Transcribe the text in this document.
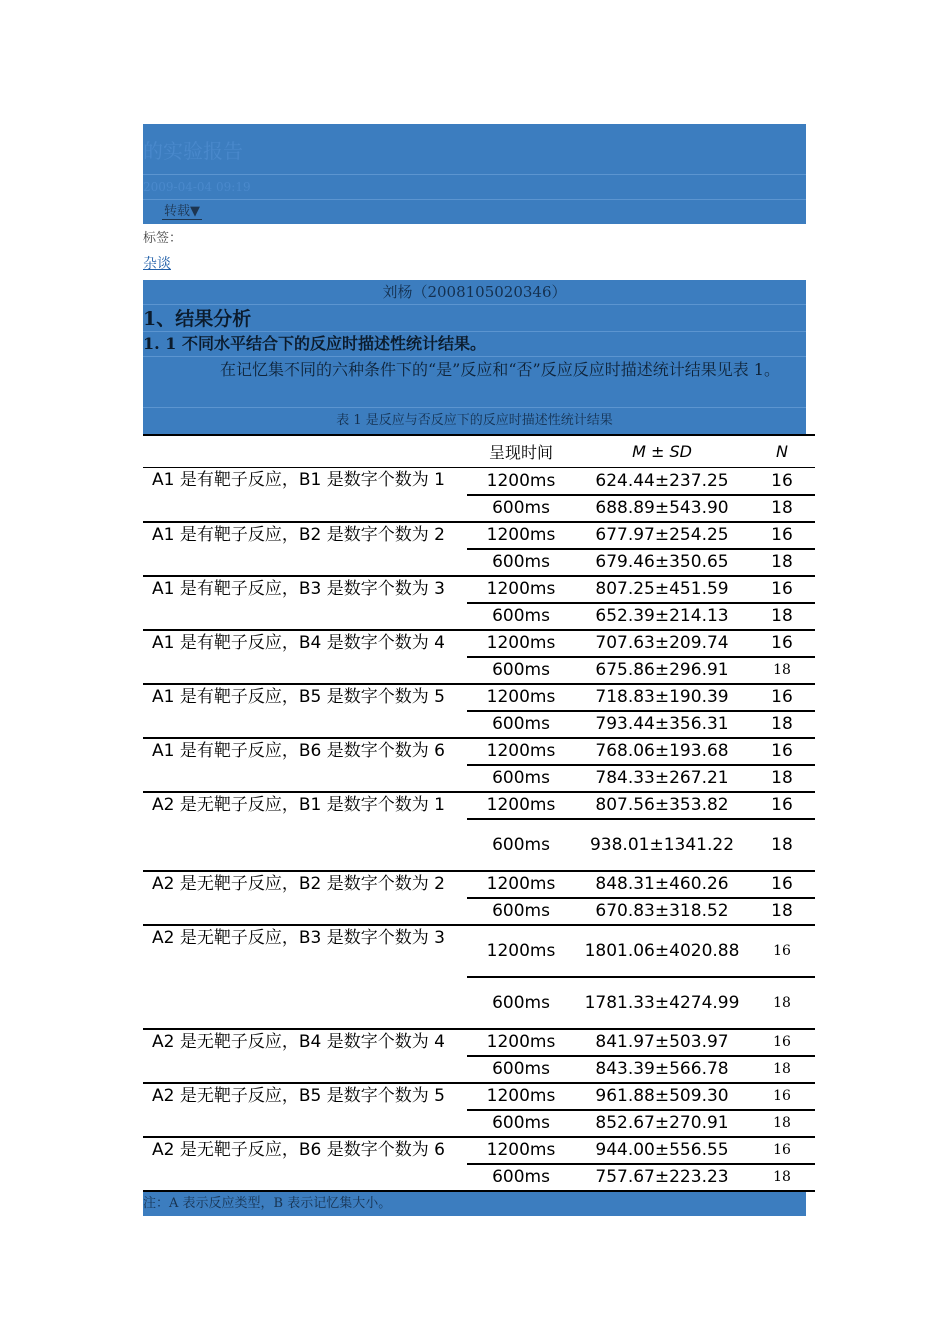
的实验报告
2009-04-04 09:19
转载▼
标签：
杂谈
刘杨（2008105020346）
1、结果分析
1. 1 不同水平结合下的反应时描述性统计结果。
在记忆集不同的六种条件下的“是”反应和“否”反应反应时描述统计结果见表 1。
表 1 是反应与否反应下的反应时描述性统计结果
	呈现时间	M ± SD	N
A1 是有靶子反应，B1 是数字个数为 1	1200ms	624.44±237.25	16
	600ms	688.89±543.90	18
A1 是有靶子反应，B2 是数字个数为 2	1200ms	677.97±254.25	16
	600ms	679.46±350.65	18
A1 是有靶子反应，B3 是数字个数为 3	1200ms	807.25±451.59	16
	600ms	652.39±214.13	18
A1 是有靶子反应，B4 是数字个数为 4	1200ms	707.63±209.74	16
	600ms	675.86±296.91	18
A1 是有靶子反应，B5 是数字个数为 5	1200ms	718.83±190.39	16
	600ms	793.44±356.31	18
A1 是有靶子反应，B6 是数字个数为 6	1200ms	768.06±193.68	16
	600ms	784.33±267.21	18
A2 是无靶子反应，B1 是数字个数为 1	1200ms	807.56±353.82	16
	600ms	938.01±1341.22	18
A2 是无靶子反应，B2 是数字个数为 2	1200ms	848.31±460.26	16
	600ms	670.83±318.52	18
A2 是无靶子反应，B3 是数字个数为 3	1200ms	1801.06±4020.88	16
	600ms	1781.33±4274.99	18
A2 是无靶子反应，B4 是数字个数为 4	1200ms	841.97±503.97	16
	600ms	843.39±566.78	18
A2 是无靶子反应，B5 是数字个数为 5	1200ms	961.88±509.30	16
	600ms	852.67±270.91	18
A2 是无靶子反应，B6 是数字个数为 6	1200ms	944.00±556.55	16
	600ms	757.67±223.23	18
注：A 表示反应类型，B 表示记忆集大小。
